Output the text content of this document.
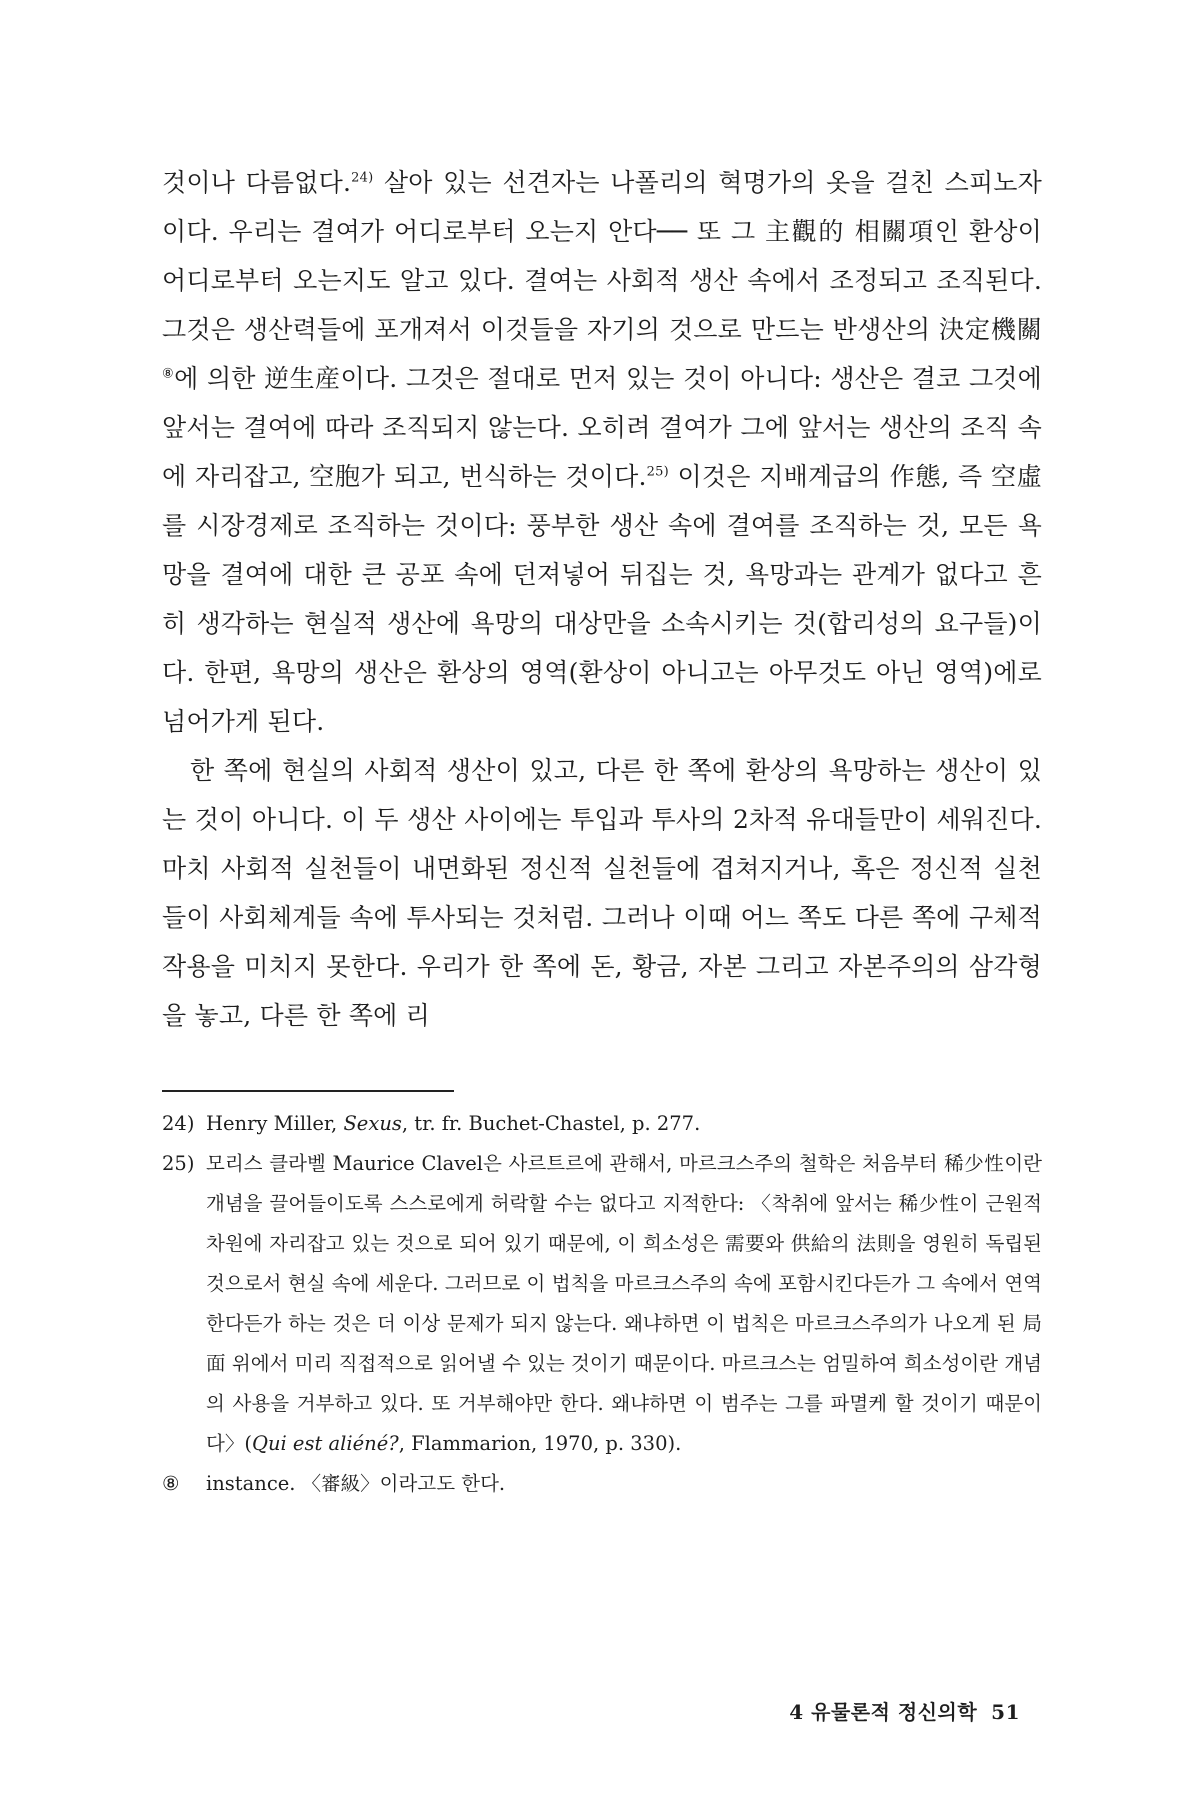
것이나 다름없다.$^{24)}$ 살아 있는 선견자는 나폴리의 혁명가의 옷을 걸친 스피노자이다. 우리는 결여가 어디로부터 오는지 안다── 또 그 主觀的 相關項인 환상이 어디로부터 오는지도 알고 있다. 결여는 사회적 생산 속에서 조정되고 조직된다. 그것은 생산력들에 포개져서 이것들을 자기의 것으로 만드는 반생산의 決定機關⑧에 의한 逆生産이다. 그것은 절대로 먼저 있는 것이 아니다: 생산은 결코 그것에 앞서는 결여에 따라 조직되지 않는다. 오히려 결여가 그에 앞서는 생산의 조직 속에 자리잡고, 空胞가 되고, 번식하는 것이다.$^{25)}$ 이것은 지배계급의 作態, 즉 空虛를 시장경제로 조직하는 것이다: 풍부한 생산 속에 결여를 조직하는 것, 모든 욕망을 결여에 대한 큰 공포 속에 던져넣어 뒤집는 것, 욕망과는 관계가 없다고 흔히 생각하는 현실적 생산에 욕망의 대상만을 소속시키는 것(합리성의 요구들)이다. 한편, 욕망의 생산은 환상의 영역(환상이 아니고는 아무것도 아닌 영역)에로 넘어가게 된다.

한 쪽에 현실의 사회적 생산이 있고, 다른 한 쪽에 환상의 욕망하는 생산이 있는 것이 아니다. 이 두 생산 사이에는 투입과 투사의 2차적 유대들만이 세워진다. 마치 사회적 실천들이 내면화된 정신적 실천들에 겹쳐지거나, 혹은 정신적 실천들이 사회체계들 속에 투사되는 것처럼. 그러나 이때 어느 쪽도 다른 쪽에 구체적 작용을 미치지 못한다. 우리가 한 쪽에 돈, 황금, 자본 그리고 자본주의의 삼각형을 놓고, 다른 한 쪽에 리

24) Henry Miller, Sexus, tr. fr. Buchet-Chastel, p. 277.
25) 모리스 클라벨 Maurice Clavel은 사르트르에 관해서, 마르크스주의 철학은 처음부터 稀少性이란 개념을 끌어들이도록 스스로에게 허락할 수는 없다고 지적한다: 〈착취에 앞서는 稀少性이 근원적 차원에 자리잡고 있는 것으로 되어 있기 때문에, 이 희소성은 需要와 供給의 法則을 영원히 독립된 것으로서 현실 속에 세운다. 그러므로 이 법칙을 마르크스주의 속에 포함시킨다든가 그 속에서 연역한다든가 하는 것은 더 이상 문제가 되지 않는다. 왜냐하면 이 법칙은 마르크스주의가 나오게 된 局面 위에서 미리 직접적으로 읽어낼 수 있는 것이기 때문이다. 마르크스는 엄밀하여 희소성이란 개념의 사용을 거부하고 있다. 또 거부해야만 한다. 왜냐하면 이 범주는 그를 파멸케 할 것이기 때문이다〉(Qui est aliéné?, Flammarion, 1970, p. 330).
⑧ instance. 〈審級〉이라고도 한다.
4 유물론적 정신의학 51
